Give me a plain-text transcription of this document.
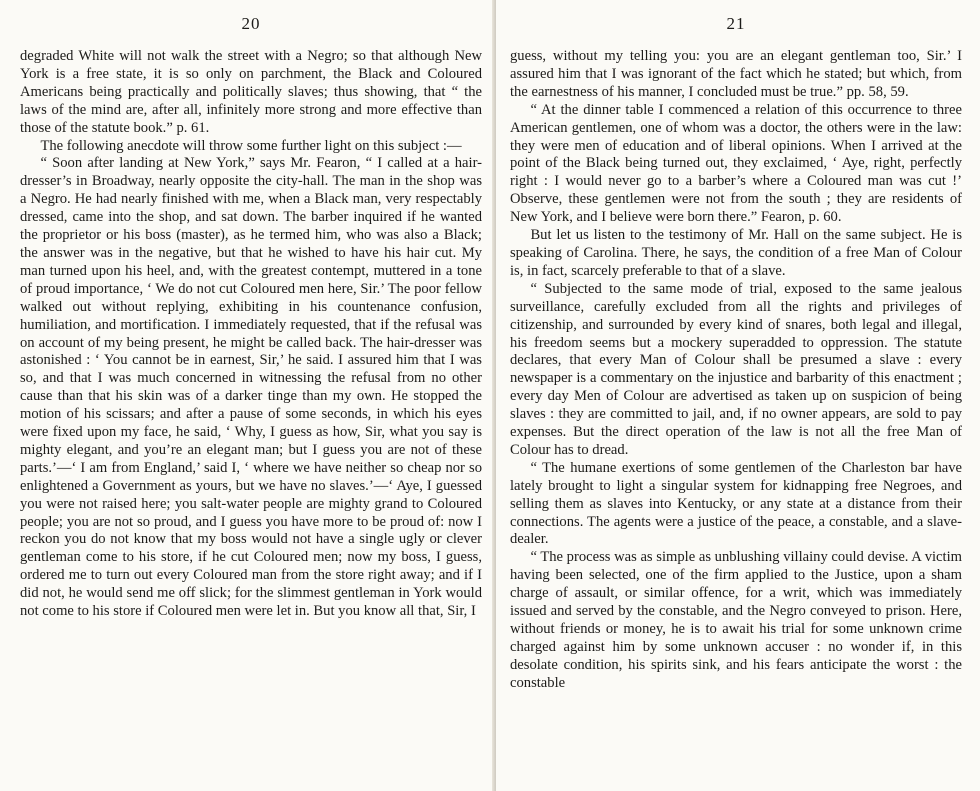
20

degraded White will not walk the street with a Negro; so that although New York is a free state, it is so only on parchment, the Black and Coloured Americans being practically and politically slaves; thus showing, that “ the laws of the mind are, after all, infinitely more strong and more effective than those of the statute book.” p. 61.

The following anecdote will throw some further light on this subject :—

“ Soon after landing at New York,” says Mr. Fearon, “ I called at a hair-dresser’s in Broadway, nearly opposite the city-hall. The man in the shop was a Negro. He had nearly finished with me, when a Black man, very respectably dressed, came into the shop, and sat down. The barber inquired if he wanted the proprietor or his boss (master), as he termed him, who was also a Black; the answer was in the negative, but that he wished to have his hair cut. My man turned upon his heel, and, with the greatest contempt, muttered in a tone of proud importance, ‘ We do not cut Coloured men here, Sir.’ The poor fellow walked out without replying, exhibiting in his countenance confusion, humiliation, and mortification. I immediately requested, that if the refusal was on account of my being present, he might be called back. The hair-dresser was astonished : ‘ You cannot be in earnest, Sir,’ he said. I assured him that I was so, and that I was much concerned in witnessing the refusal from no other cause than that his skin was of a darker tinge than my own. He stopped the motion of his scissars; and after a pause of some seconds, in which his eyes were fixed upon my face, he said, ‘ Why, I guess as how, Sir, what you say is mighty elegant, and you’re an elegant man; but I guess you are not of these parts.’—‘ I am from England,’ said I, ‘ where we have neither so cheap nor so enlightened a Government as yours, but we have no slaves.’—‘ Aye, I guessed you were not raised here; you salt-water people are mighty grand to Coloured people; you are not so proud, and I guess you have more to be proud of: now I reckon you do not know that my boss would not have a single ugly or clever gentleman come to his store, if he cut Coloured men; now my boss, I guess, ordered me to turn out every Coloured man from the store right away; and if I did not, he would send me off slick; for the slimmest gentleman in York would not come to his store if Coloured men were let in. But you know all that, Sir, I

21

guess, without my telling you: you are an elegant gentleman too, Sir.’ I assured him that I was ignorant of the fact which he stated; but which, from the earnestness of his manner, I concluded must be true.” pp. 58, 59.

“ At the dinner table I commenced a relation of this occurrence to three American gentlemen, one of whom was a doctor, the others were in the law: they were men of education and of liberal opinions. When I arrived at the point of the Black being turned out, they exclaimed, ‘ Aye, right, perfectly right : I would never go to a barber’s where a Coloured man was cut !’ Observe, these gentlemen were not from the south ; they are residents of New York, and I believe were born there.” Fearon, p. 60.

But let us listen to the testimony of Mr. Hall on the same subject. He is speaking of Carolina. There, he says, the condition of a free Man of Colour is, in fact, scarcely preferable to that of a slave.

“ Subjected to the same mode of trial, exposed to the same jealous surveillance, carefully excluded from all the rights and privileges of citizenship, and surrounded by every kind of snares, both legal and illegal, his freedom seems but a mockery superadded to oppression. The statute declares, that every Man of Colour shall be presumed a slave : every newspaper is a commentary on the injustice and barbarity of this enactment ; every day Men of Colour are advertised as taken up on suspicion of being slaves : they are committed to jail, and, if no owner appears, are sold to pay expenses. But the direct operation of the law is not all the free Man of Colour has to dread.

“ The humane exertions of some gentlemen of the Charleston bar have lately brought to light a singular system for kidnapping free Negroes, and selling them as slaves into Kentucky, or any state at a distance from their connections. The agents were a justice of the peace, a constable, and a slave-dealer.

“ The process was as simple as unblushing villainy could devise. A victim having been selected, one of the firm applied to the Justice, upon a sham charge of assault, or similar offence, for a writ, which was immediately issued and served by the constable, and the Negro conveyed to prison. Here, without friends or money, he is to await his trial for some unknown crime charged against him by some unknown accuser : no wonder if, in this desolate condition, his spirits sink, and his fears anticipate the worst : the constable
